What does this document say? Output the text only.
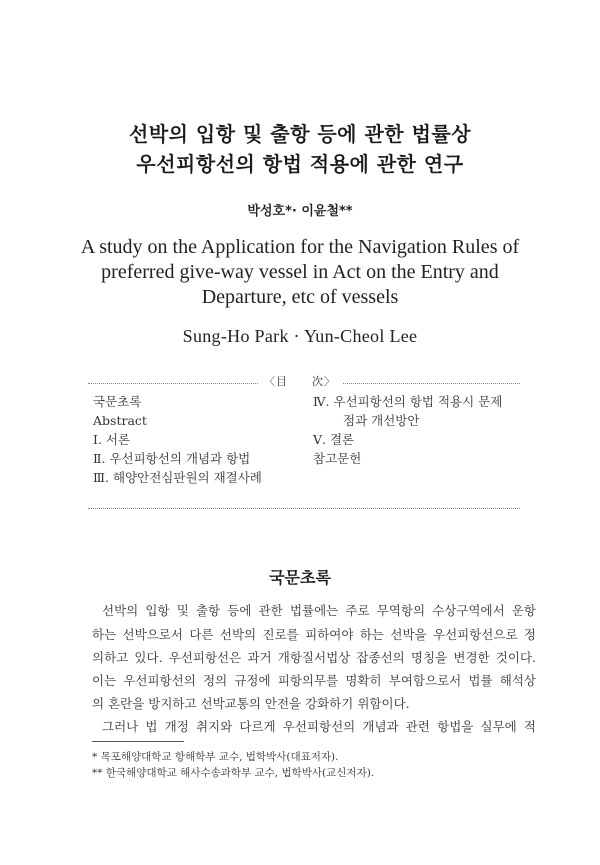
선박의 입항 및 출항 등에 관한 법률상
우선피항선의 항법 적용에 관한 연구
박성호*· 이윤철**
A study on the Application for the Navigation Rules of
preferred give-way vessel in Act on the Entry and
Departure, etc of vessels
Sung-Ho Park · Yun-Cheol Lee
〈目　　次〉
국문초록
Abstract
Ⅰ. 서론
Ⅱ. 우선피항선의 개념과 항법
Ⅲ. 해양안전심판원의 재결사례
Ⅳ. 우선피항선의 항법 적용시 문제
점과 개선방안
Ⅴ. 결론
참고문헌
국문초록
선박의 입항 및 출항 등에 관한 법률에는 주로 무역항의 수상구역에서 운항
하는 선박으로서 다른 선박의 진로를 피하여야 하는 선박을 우선피항선으로 정
의하고 있다. 우선피항선은 과거 개항질서법상 잡종선의 명칭을 변경한 것이다.
이는 우선피항선의 정의 규정에 피항의무를 명확히 부여함으로서 법률 해석상
의 혼란을 방지하고 선박교통의 안전을 강화하기 위함이다.
그러나 법 개정 취지와 다르게 우선피항선의 개념과 관련 항법을 실무에 적
* 목포해양대학교 항해학부 교수, 법학박사(대표저자).
** 한국해양대학교 해사수송과학부 교수, 법학박사(교신저자).
